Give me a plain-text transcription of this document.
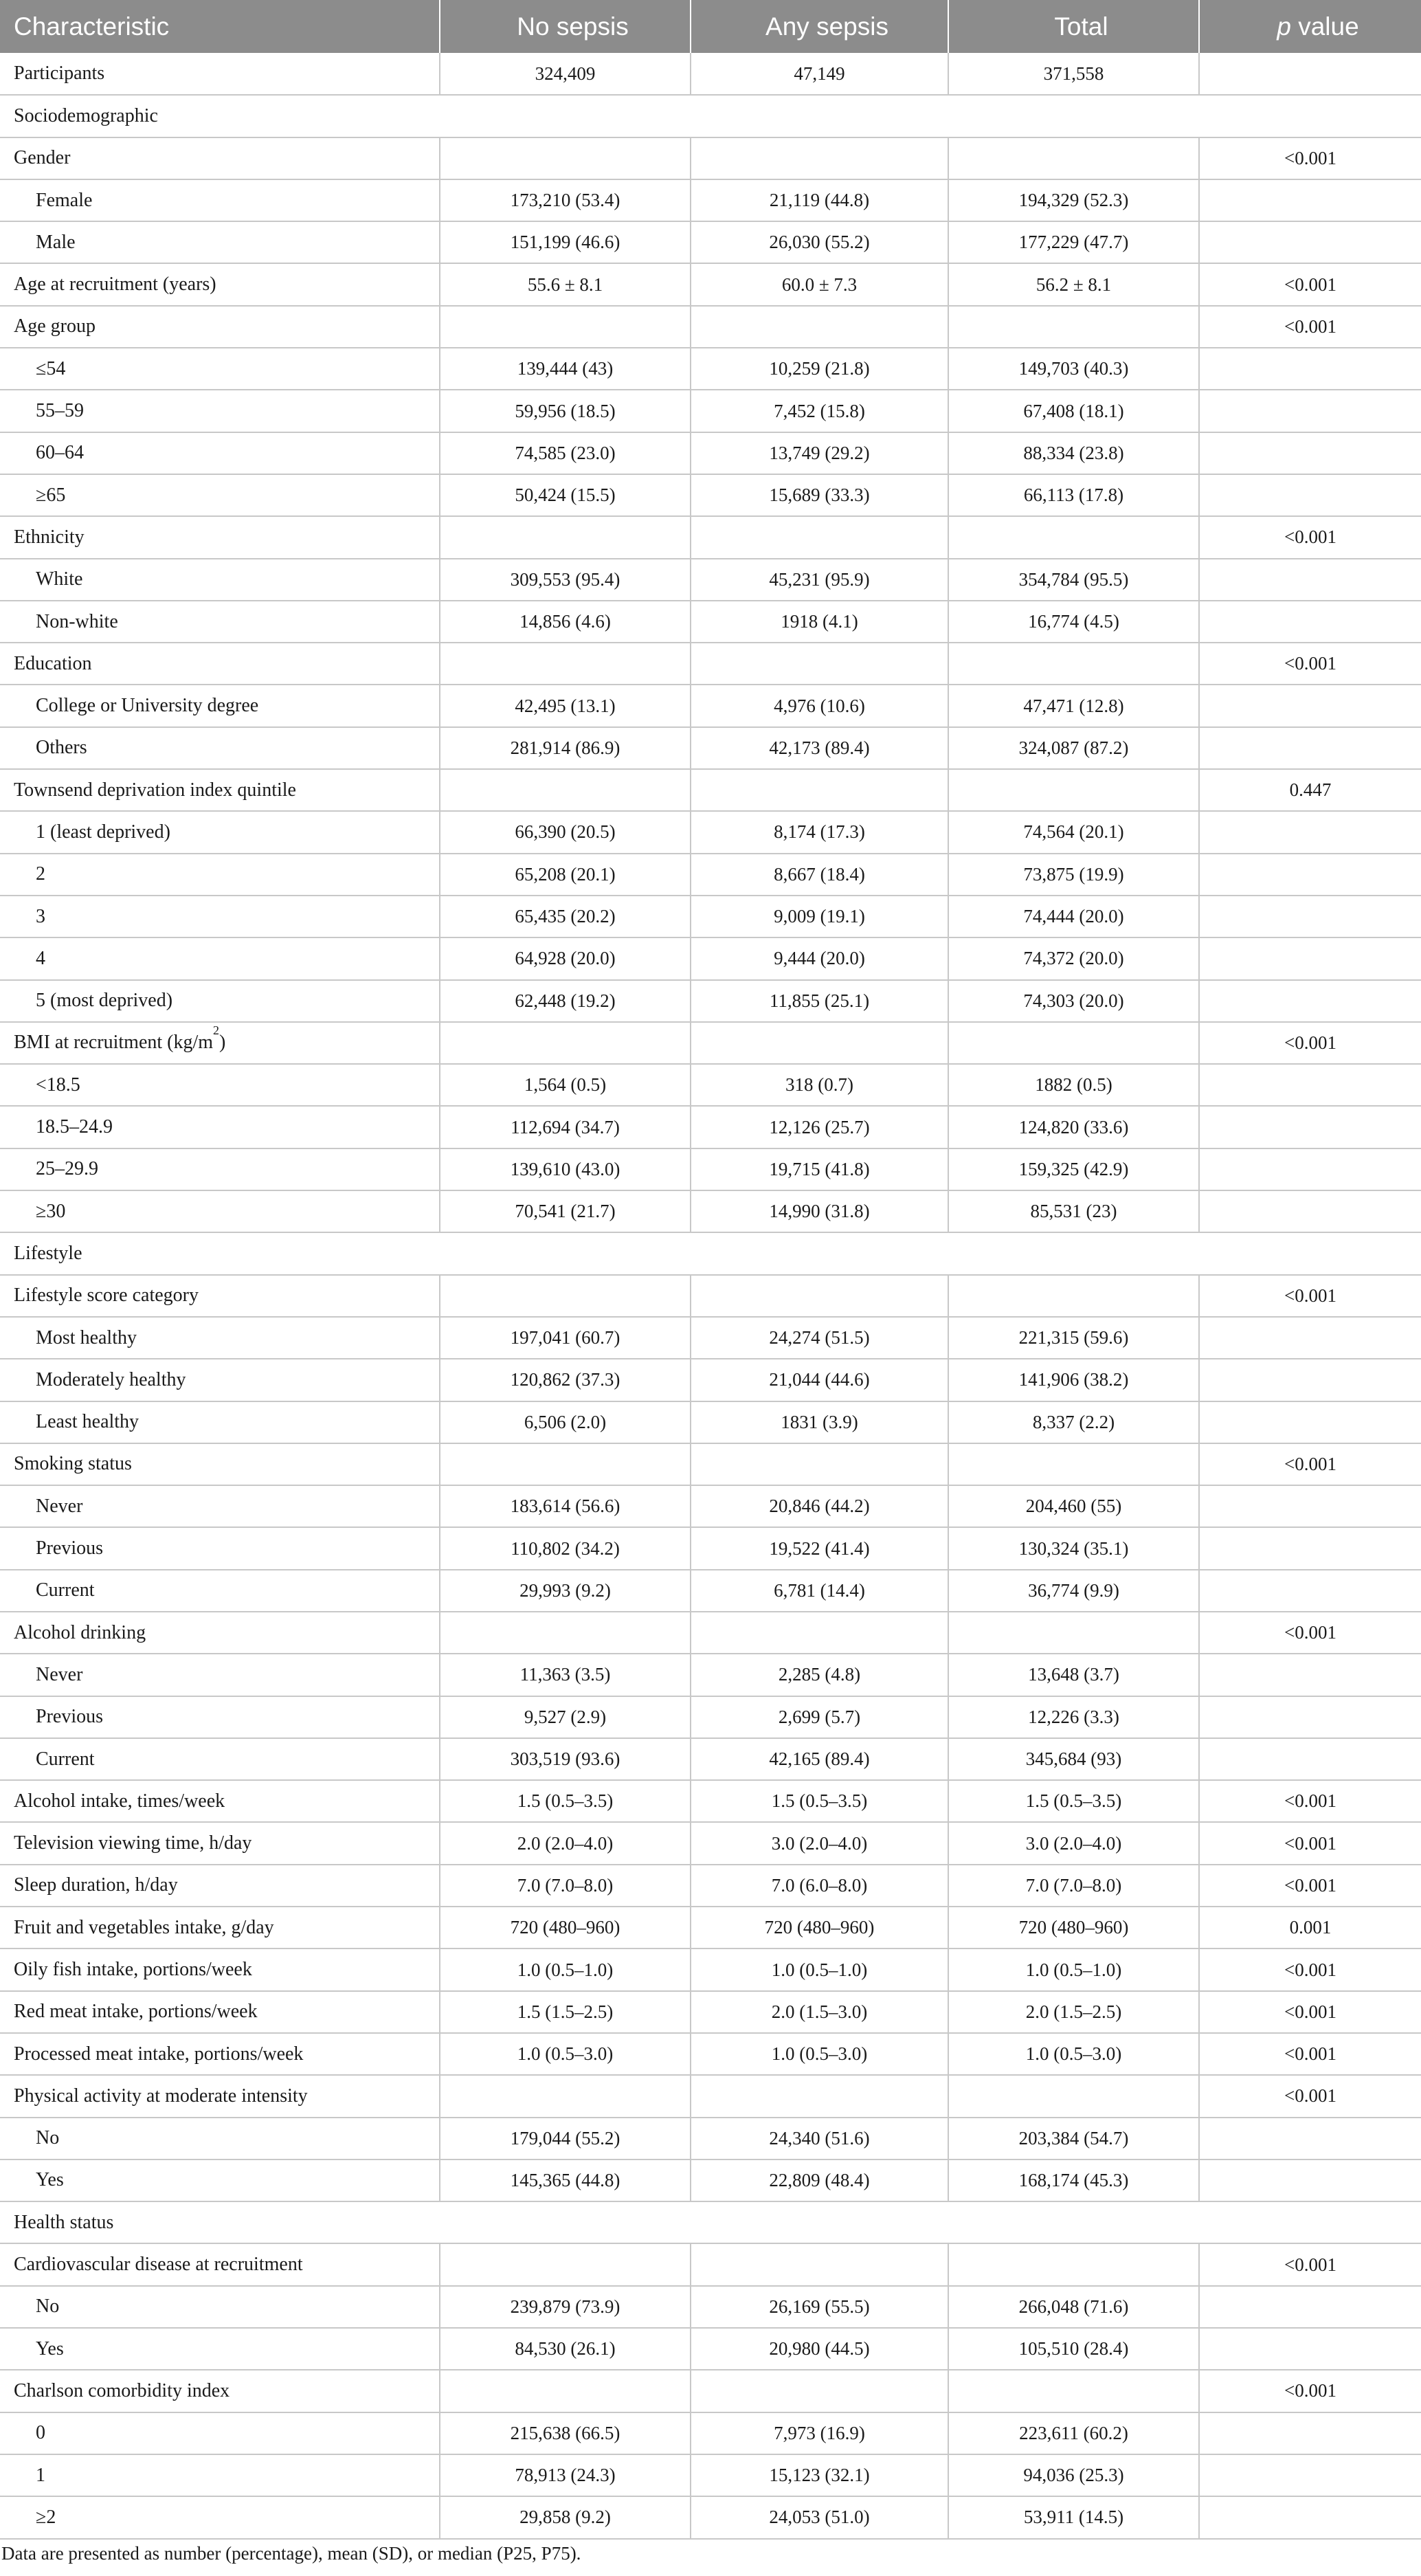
Characteristic	No sepsis	Any sepsis	Total	p value
Participants	324,409	47,149	371,558	
Sociodemographic				
Gender				<0.001
Female	173,210 (53.4)	21,119 (44.8)	194,329 (52.3)	
Male	151,199 (46.6)	26,030 (55.2)	177,229 (47.7)	
Age at recruitment (years)	55.6 ± 8.1	60.0 ± 7.3	56.2 ± 8.1	<0.001
Age group				<0.001
≤54	139,444 (43)	10,259 (21.8)	149,703 (40.3)	
55–59	59,956 (18.5)	7,452 (15.8)	67,408 (18.1)	
60–64	74,585 (23.0)	13,749 (29.2)	88,334 (23.8)	
≥65	50,424 (15.5)	15,689 (33.3)	66,113 (17.8)	
Ethnicity				<0.001
White	309,553 (95.4)	45,231 (95.9)	354,784 (95.5)	
Non-white	14,856 (4.6)	1918 (4.1)	16,774 (4.5)	
Education				<0.001
College or University degree	42,495 (13.1)	4,976 (10.6)	47,471 (12.8)	
Others	281,914 (86.9)	42,173 (89.4)	324,087 (87.2)	
Townsend deprivation index quintile				0.447
1 (least deprived)	66,390 (20.5)	8,174 (17.3)	74,564 (20.1)	
2	65,208 (20.1)	8,667 (18.4)	73,875 (19.9)	
3	65,435 (20.2)	9,009 (19.1)	74,444 (20.0)	
4	64,928 (20.0)	9,444 (20.0)	74,372 (20.0)	
5 (most deprived)	62,448 (19.2)	11,855 (25.1)	74,303 (20.0)	
BMI at recruitment $(kg/m^2)$				<0.001
<18.5	1,564 (0.5)	318 (0.7)	1882 (0.5)	
18.5–24.9	112,694 (34.7)	12,126 (25.7)	124,820 (33.6)	
25–29.9	139,610 (43.0)	19,715 (41.8)	159,325 (42.9)	
≥30	70,541 (21.7)	14,990 (31.8)	85,531 (23)	
Lifestyle				
Lifestyle score category				<0.001
Most healthy	197,041 (60.7)	24,274 (51.5)	221,315 (59.6)	
Moderately healthy	120,862 (37.3)	21,044 (44.6)	141,906 (38.2)	
Least healthy	6,506 (2.0)	1831 (3.9)	8,337 (2.2)	
Smoking status				<0.001
Never	183,614 (56.6)	20,846 (44.2)	204,460 (55)	
Previous	110,802 (34.2)	19,522 (41.4)	130,324 (35.1)	
Current	29,993 (9.2)	6,781 (14.4)	36,774 (9.9)	
Alcohol drinking				<0.001
Never	11,363 (3.5)	2,285 (4.8)	13,648 (3.7)	
Previous	9,527 (2.9)	2,699 (5.7)	12,226 (3.3)	
Current	303,519 (93.6)	42,165 (89.4)	345,684 (93)	
Alcohol intake, times/week	1.5 (0.5–3.5)	1.5 (0.5–3.5)	1.5 (0.5–3.5)	<0.001
Television viewing time, h/day	2.0 (2.0–4.0)	3.0 (2.0–4.0)	3.0 (2.0–4.0)	<0.001
Sleep duration, h/day	7.0 (7.0–8.0)	7.0 (6.0–8.0)	7.0 (7.0–8.0)	<0.001
Fruit and vegetables intake, g/day	720 (480–960)	720 (480–960)	720 (480–960)	0.001
Oily fish intake, portions/week	1.0 (0.5–1.0)	1.0 (0.5–1.0)	1.0 (0.5–1.0)	<0.001
Red meat intake, portions/week	1.5 (1.5–2.5)	2.0 (1.5–3.0)	2.0 (1.5–2.5)	<0.001
Processed meat intake, portions/week	1.0 (0.5–3.0)	1.0 (0.5–3.0)	1.0 (0.5–3.0)	<0.001
Physical activity at moderate intensity				<0.001
No	179,044 (55.2)	24,340 (51.6)	203,384 (54.7)	
Yes	145,365 (44.8)	22,809 (48.4)	168,174 (45.3)	
Health status				
Cardiovascular disease at recruitment				<0.001
No	239,879 (73.9)	26,169 (55.5)	266,048 (71.6)	
Yes	84,530 (26.1)	20,980 (44.5)	105,510 (28.4)	
Charlson comorbidity index				<0.001
0	215,638 (66.5)	7,973 (16.9)	223,611 (60.2)	
1	78,913 (24.3)	15,123 (32.1)	94,036 (25.3)	
≥2	29,858 (9.2)	24,053 (51.0)	53,911 (14.5)	
Data are presented as number (percentage), mean (SD), or median (P25, P75).
